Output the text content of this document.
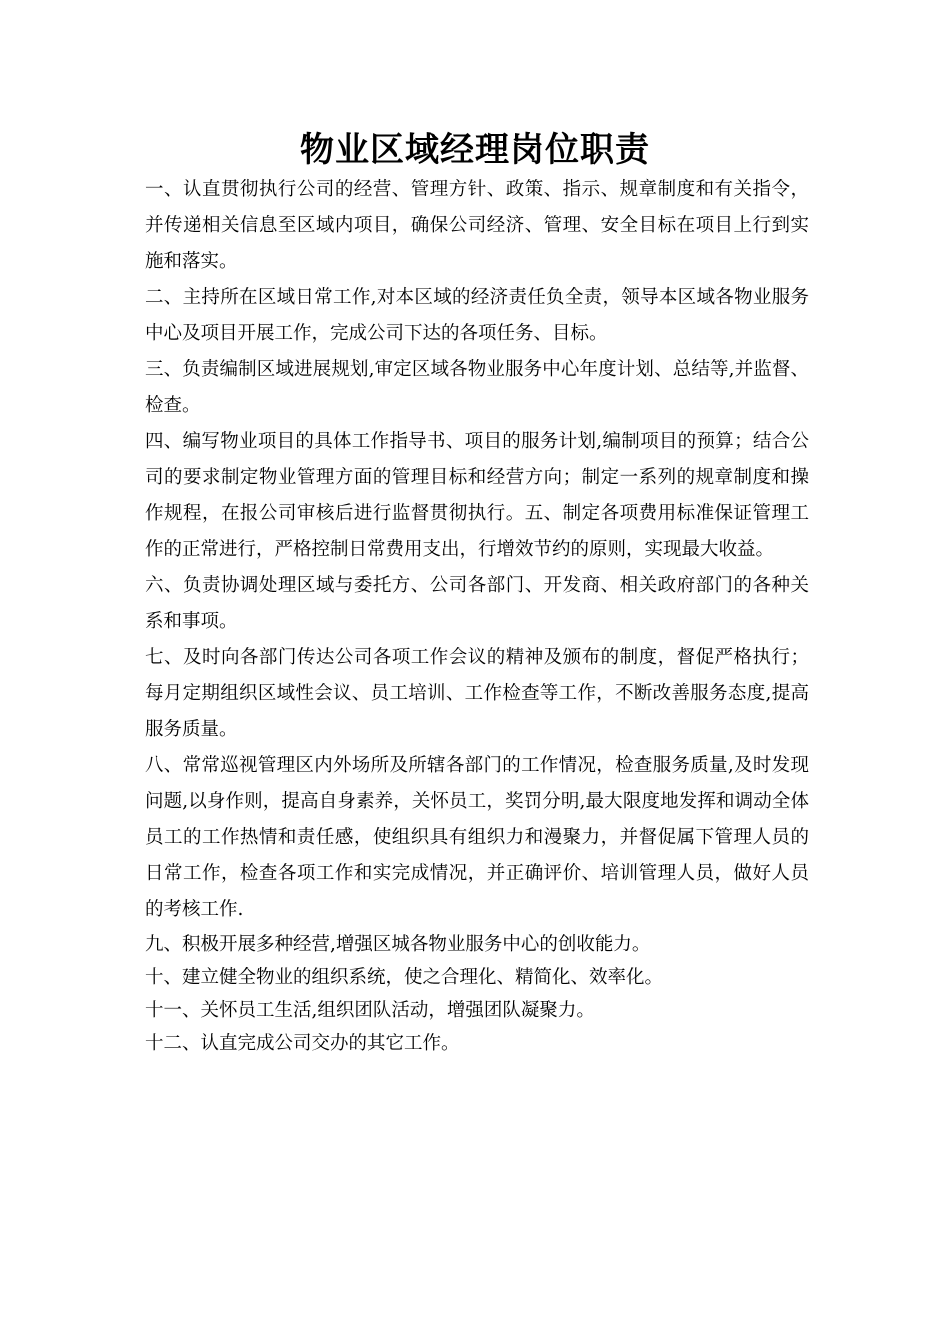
物业区域经理岗位职责

一、认直贯彻执行公司的经营、管理方针、政策、指示、规章制度和有关指令，并传递相关信息至区域内项目，确保公司经济、管理、安全目标在项目上行到实施和落实。

二、主持所在区域日常工作,对本区域的经济责任负全责，领导本区域各物业服务中心及项目开展工作，完成公司下达的各项任务、目标。

三、负责编制区域进展规划,审定区域各物业服务中心年度计划、总结等,并监督、检查。

四、编写物业项目的具体工作指导书、项目的服务计划,编制项目的预算；结合公司的要求制定物业管理方面的管理目标和经营方向；制定一系列的规章制度和操作规程，在报公司审核后进行监督贯彻执行。五、制定各项费用标准保证管理工作的正常进行，严格控制日常费用支出，行增效节约的原则，实现最大收益。

六、负责协调处理区域与委托方、公司各部门、开发商、相关政府部门的各种关系和事项。

七、及时向各部门传达公司各项工作会议的精神及颁布的制度，督促严格执行；每月定期组织区域性会议、员工培训、工作检查等工作，不断改善服务态度,提高服务质量。

八、常常巡视管理区内外场所及所辖各部门的工作情况，检查服务质量,及时发现问题,以身作则，提高自身素养，关怀员工，奖罚分明,最大限度地发挥和调动全体员工的工作热情和责任感，使组织具有组织力和漫聚力，并督促属下管理人员的日常工作，检查各项工作和实完成情况，并正确评价、培训管理人员，做好人员的考核工作.

九、积极开展多种经营,增强区城各物业服务中心的创收能力。

十、建立健全物业的组织系统，使之合理化、精简化、效率化。

十一、关怀员工生活,组织团队活动，增强团队凝聚力。

十二、认直完成公司交办的其它工作。
